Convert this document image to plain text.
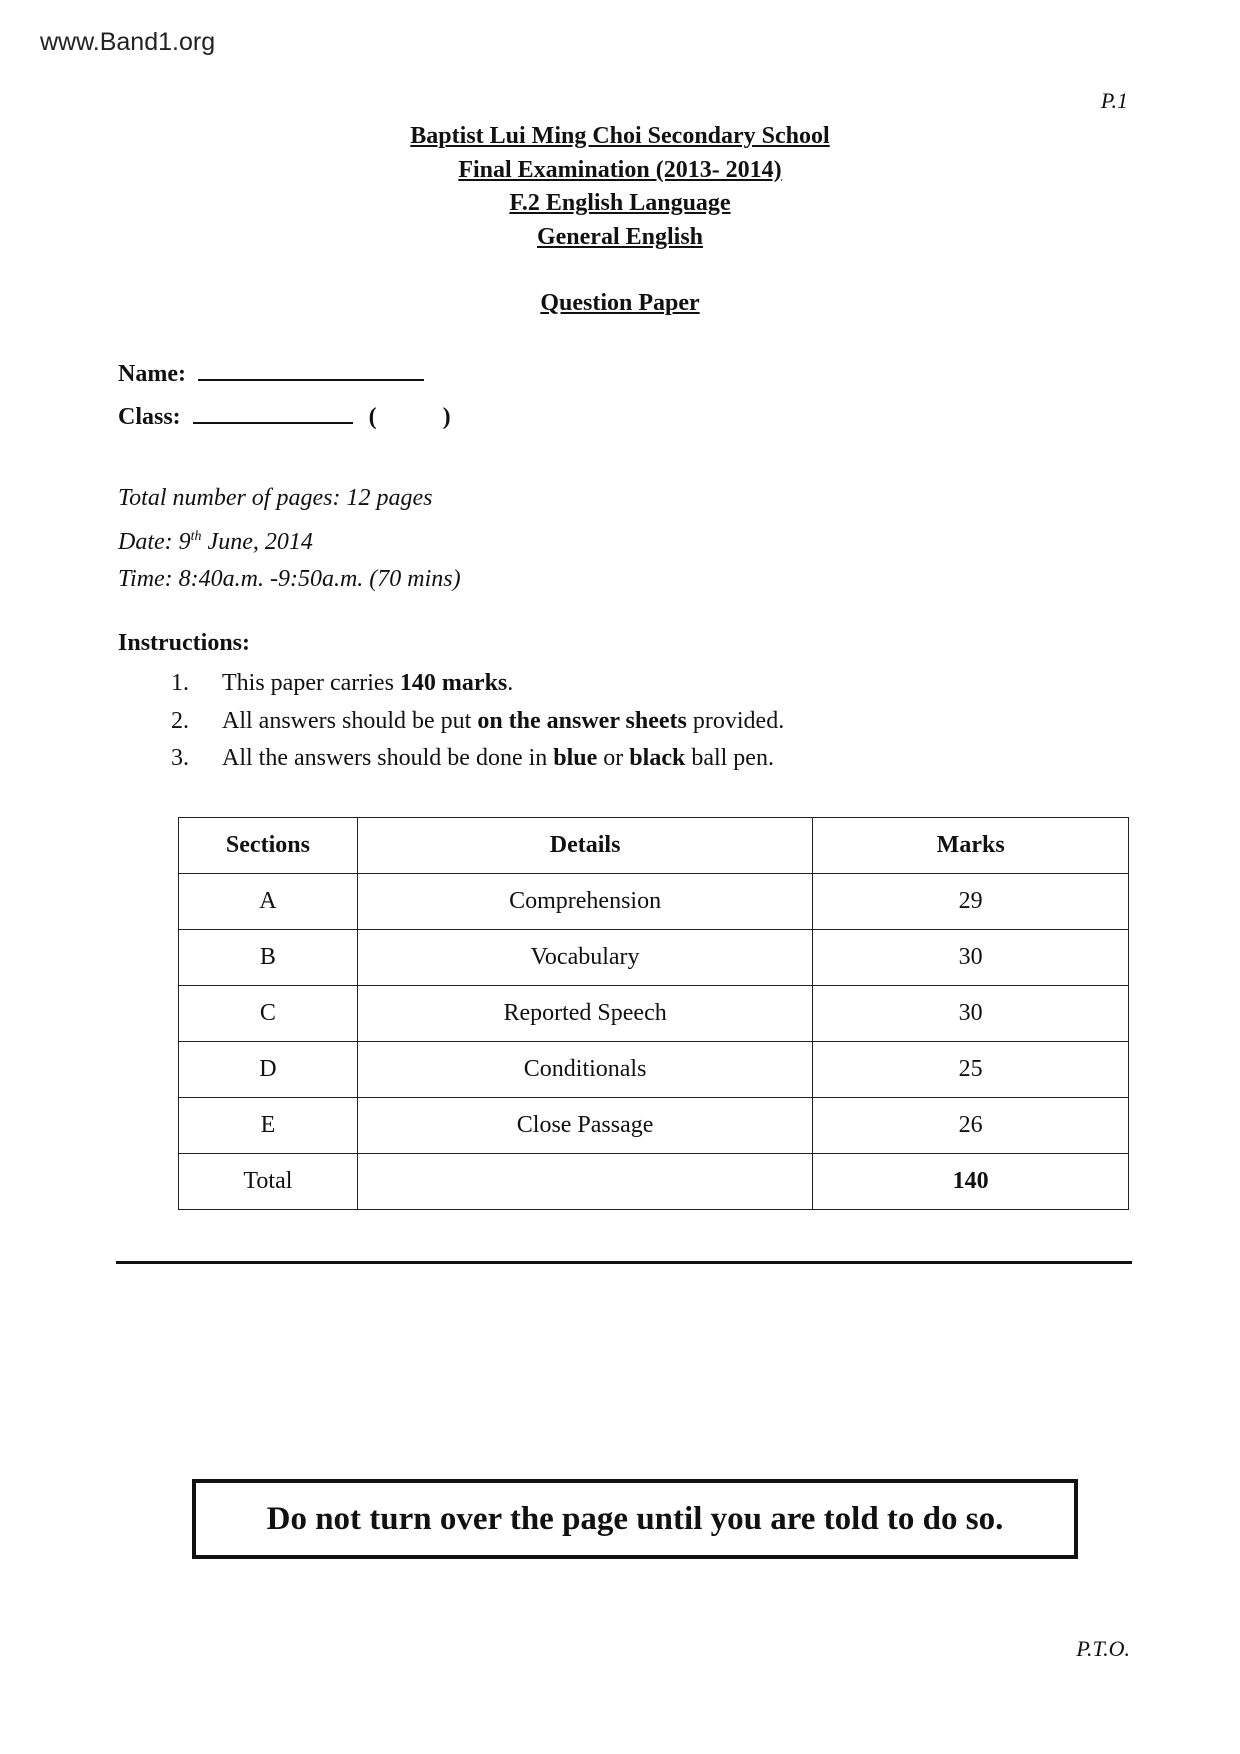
www.Band1.org
P.1
Baptist Lui Ming Choi Secondary School
Final Examination (2013- 2014)
F.2 English Language
General English
Question Paper
Name:
Class:	(	)
Total number of pages: 12 pages
Date: 9th June, 2014
Time: 8:40a.m. -9:50a.m. (70 mins)
Instructions:
1.	This paper carries 140 marks.
2.	All answers should be put on the answer sheets provided.
3.	All the answers should be done in blue or black ball pen.
Sections	Details	Marks
A	Comprehension	29
B	Vocabulary	30
C	Reported Speech	30
D	Conditionals	25
E	Close Passage	26
Total		140
Do not turn over the page until you are told to do so.
P.T.O.
